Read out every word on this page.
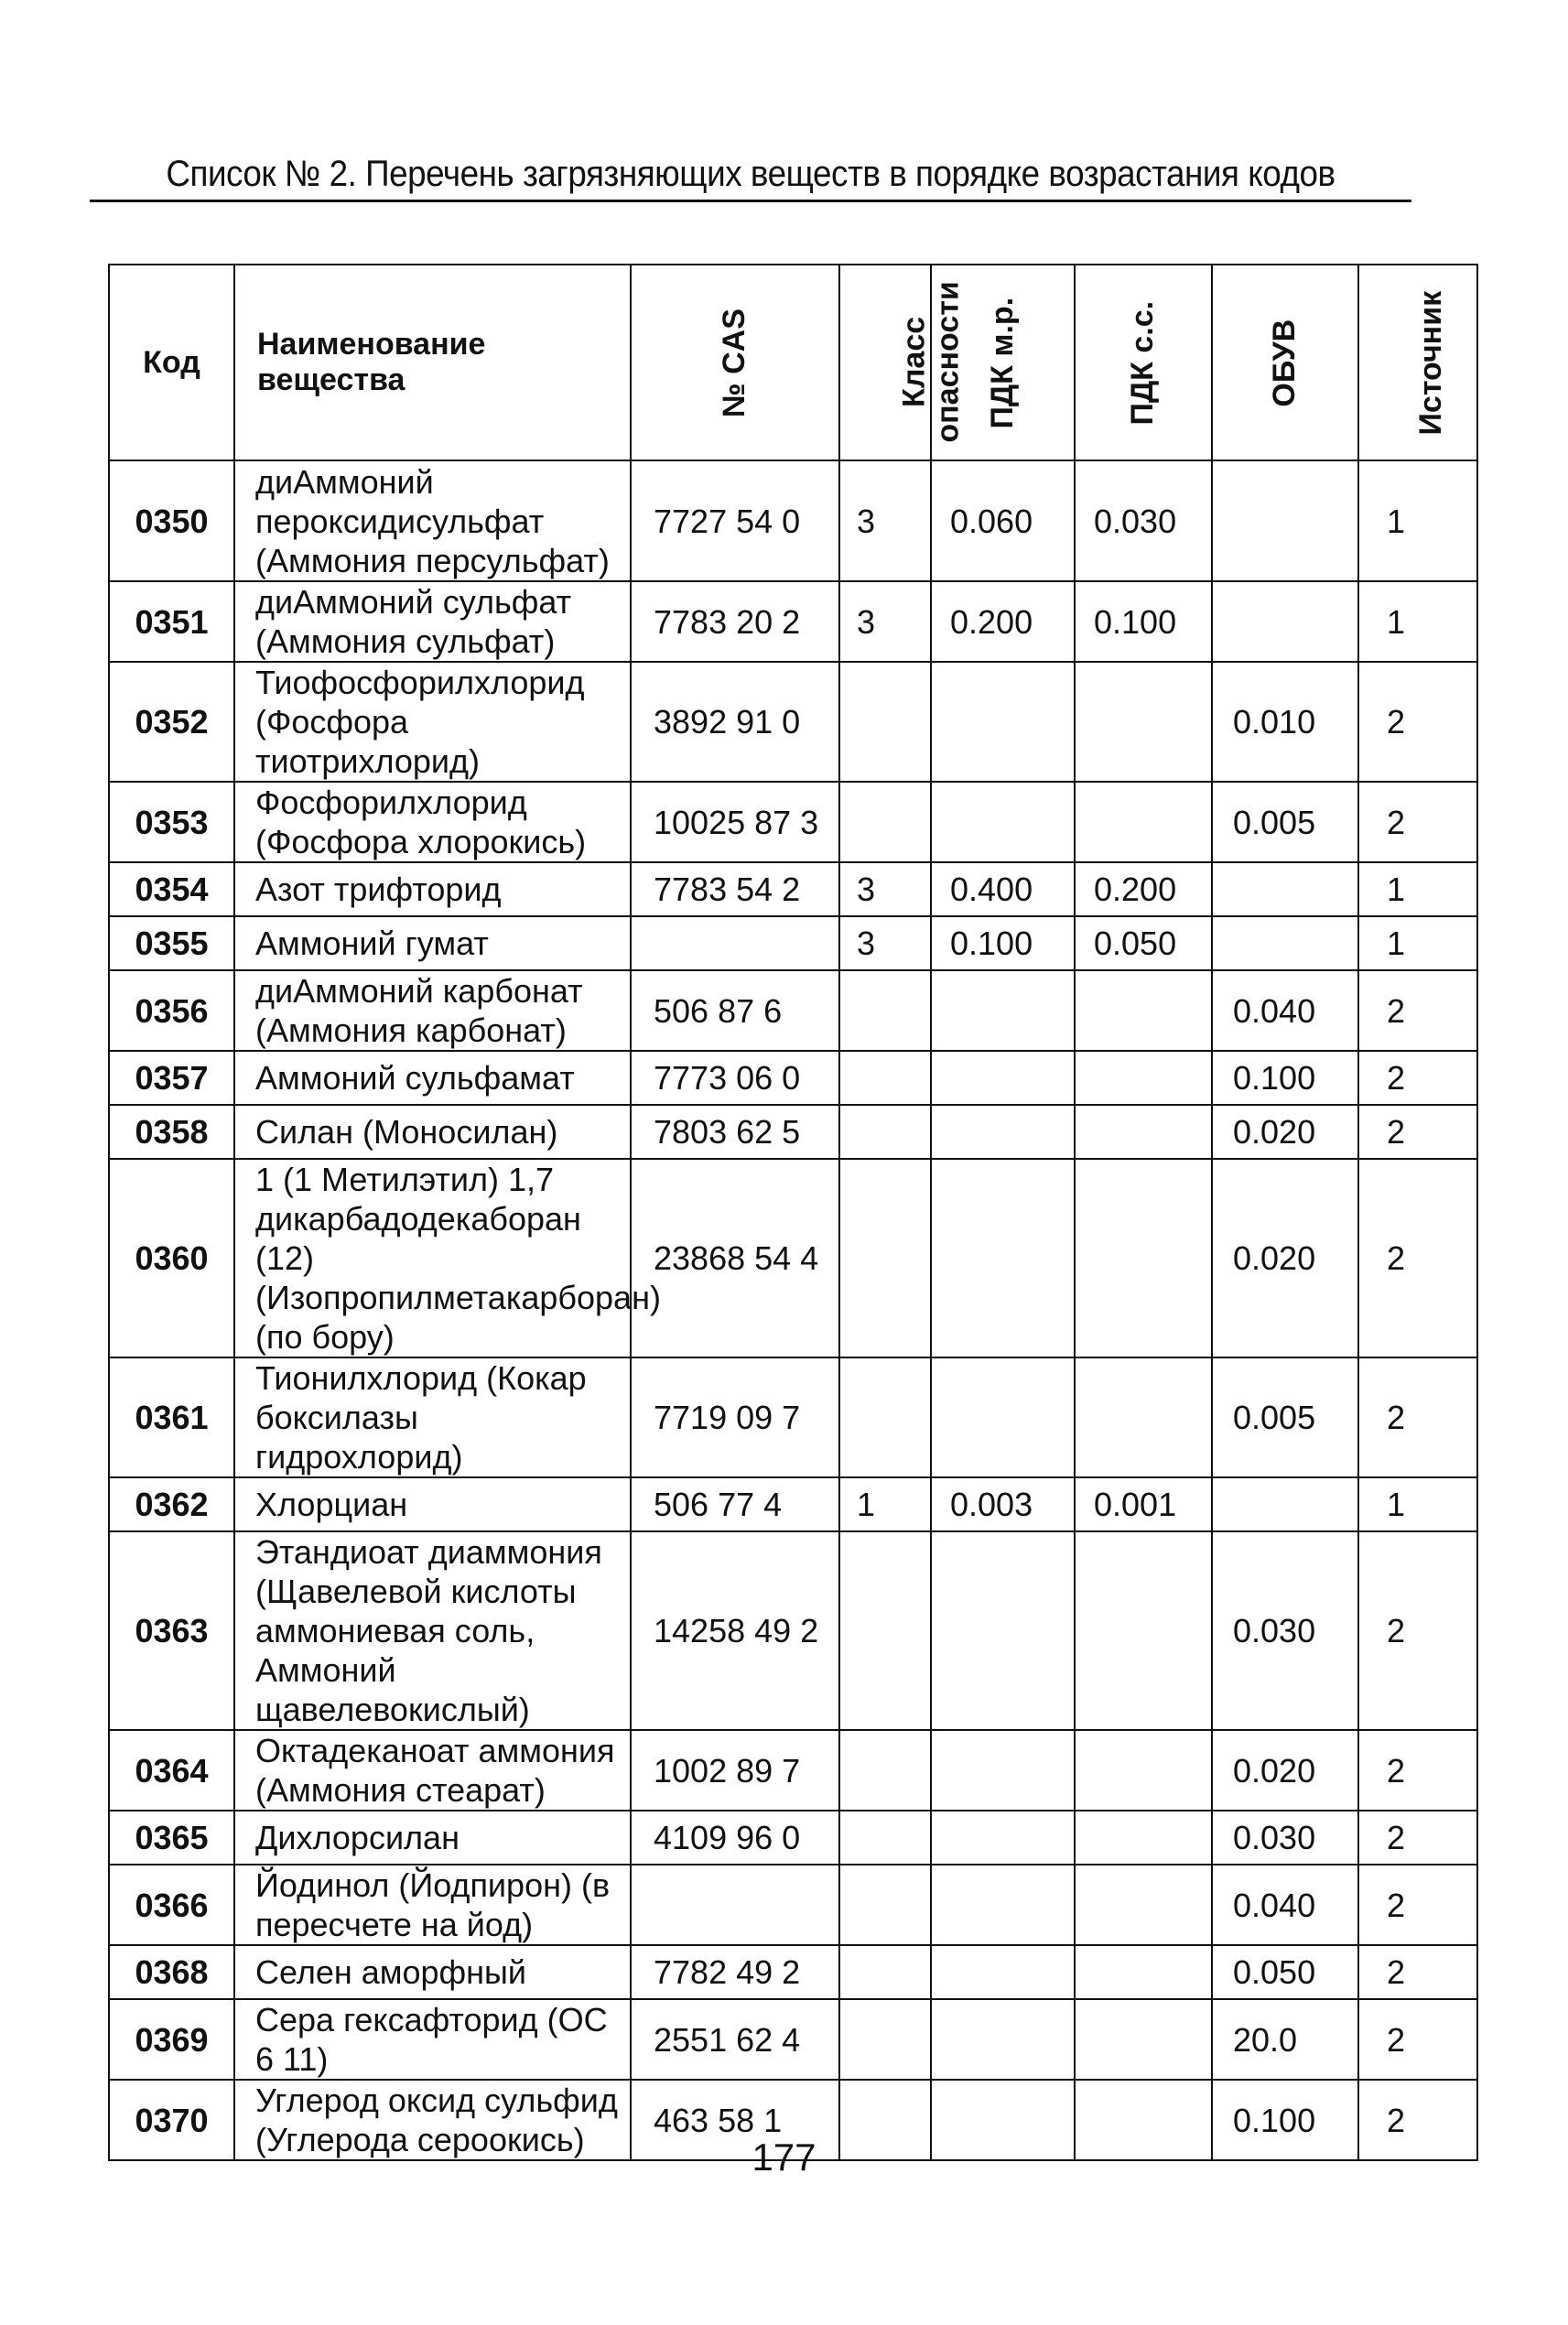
Список № 2. Перечень загрязняющих веществ в порядке возрастания кодов
Код	Наименование вещества	№ CAS	Класс опасности	ПДК м.р.	ПДК с.с.	ОБУВ	Источник
0350	диАммоний пероксидисульфат (Аммония персульфат)	7727 54 0	3	0.060	0.030		1
0351	диАммоний сульфат (Аммония сульфат)	7783 20 2	3	0.200	0.100		1
0352	Тиофосфорилхлорид (Фосфора тиотрихлорид)	3892 91 0				0.010	2
0353	Фосфорилхлорид (Фосфора хлорокись)	10025 87 3				0.005	2
0354	Азот трифторид	7783 54 2	3	0.400	0.200		1
0355	Аммоний гумат		3	0.100	0.050		1
0356	диАммоний карбонат (Аммония карбонат)	506 87 6				0.040	2
0357	Аммоний сульфамат	7773 06 0				0.100	2
0358	Силан (Моносилан)	7803 62 5				0.020	2
0360	1 (1 Метилэтил) 1,7 дикарбадодекаборан (12) (Изопропилметакарборан) (по бору)	23868 54 4				0.020	2
0361	Тионилхлорид (Кокар боксилазы гидрохлорид)	7719 09 7				0.005	2
0362	Хлорциан	506 77 4	1	0.003	0.001		1
0363	Этандиоат диаммония (Щавелевой кислоты аммониевая соль, Аммоний щавелевокислый)	14258 49 2				0.030	2
0364	Октадеканоат аммония (Аммония стеарат)	1002 89 7				0.020	2
0365	Дихлорсилан	4109 96 0				0.030	2
0366	Йодинол (Йодпирон) (в пересчете на йод)					0.040	2
0368	Селен аморфный	7782 49 2				0.050	2
0369	Сера гексафторид (ОС 6 11)	2551 62 4				20.0	2
0370	Углерод оксид сульфид (Углерода сероокись)	463 58 1				0.100	2
177
